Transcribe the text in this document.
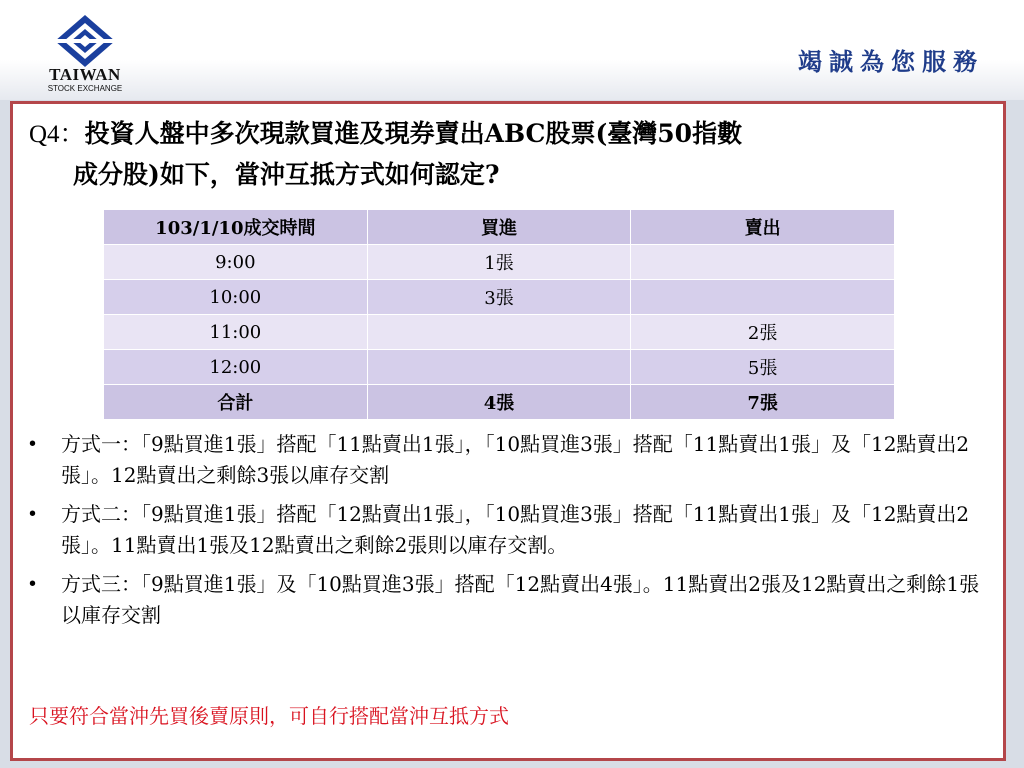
TAIWAN
STOCK EXCHANGE
竭誠為您服務
Q4：投資人盤中多次現款買進及現券賣出ABC股票(臺灣50指數
成分股)如下，當沖互抵方式如何認定?
103/1/10成交時間	買進	賣出
9:00	1張	
10:00	3張	
11:00		2張
12:00		5張
合計	4張	7張
• 方式一：「9點買進1張」搭配「11點賣出1張」，「10點買進3張」搭配「11點賣出1張」及「12點賣出2張」。12點賣出之剩餘3張以庫存交割
• 方式二：「9點買進1張」搭配「12點賣出1張」，「10點買進3張」搭配「11點賣出1張」及「12點賣出2張」。11點賣出1張及12點賣出之剩餘2張則以庫存交割。
• 方式三：「9點買進1張」及「10點買進3張」搭配「12點賣出4張」。11點賣出2張及12點賣出之剩餘1張以庫存交割
只要符合當沖先買後賣原則，可自行搭配當沖互抵方式
